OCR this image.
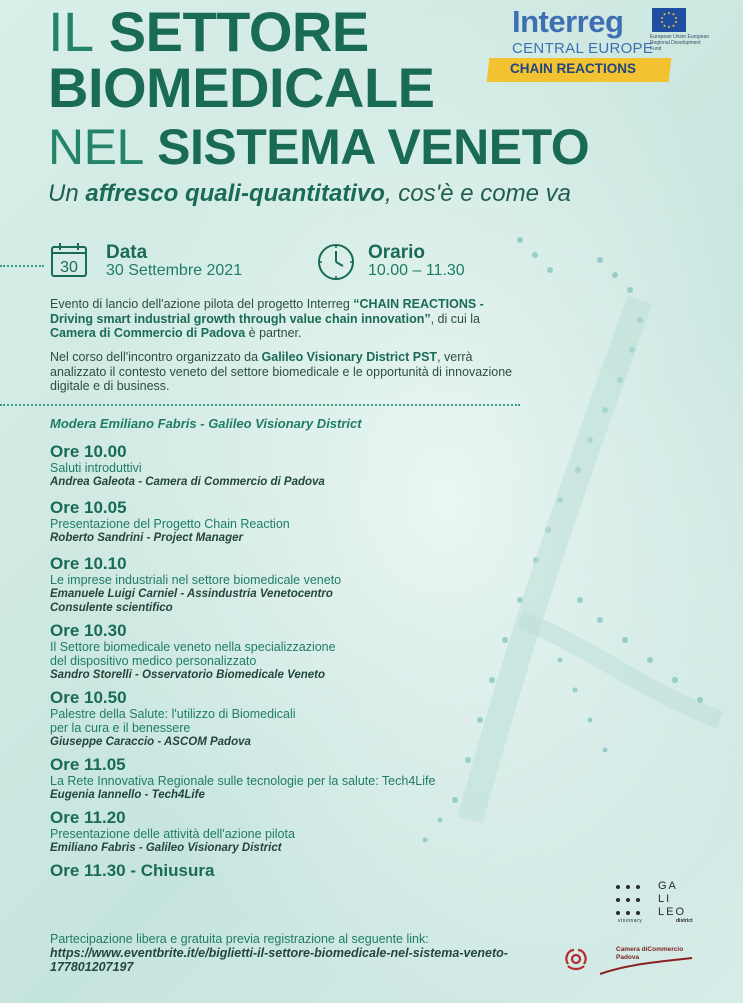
IL SETTORE
BIOMEDICALE
NEL SISTEMA VENETO
Interreg
CENTRAL EUROPE
European Union European Regional Development Fund
CHAIN REACTIONS
Un affresco quali-quantitativo, cos'è e come va
30
Data
30 Settembre 2021
Orario
10.00 – 11.30
Evento di lancio dell'azione pilota del progetto Interreg “CHAIN REACTIONS - Driving smart industrial growth through value chain innovation”, di cui la Camera di Commercio di Padova è partner.
Nel corso dell'incontro organizzato da Galileo Visionary District PST, verrà analizzato il contesto veneto del settore biomedicale e le opportunità di innovazione digitale e di business.
Modera Emiliano Fabris - Galileo Visionary District
Ore 10.00
Saluti introduttivi
Andrea Galeota - Camera di Commercio di Padova
Ore 10.05
Presentazione del Progetto Chain Reaction
Roberto Sandrini - Project Manager
Ore 10.10
Le imprese industriali nel settore biomedicale veneto
Emanuele Luigi Carniel - Assindustria Venetocentro
Consulente scientifico
Ore 10.30
Il Settore biomedicale veneto nella specializzazione
del dispositivo medico personalizzato
Sandro Storelli - Osservatorio Biomedicale Veneto
Ore 10.50
Palestre della Salute: l'utilizzo di Biomedicali
per la cura e il benessere
Giuseppe Caraccio - ASCOM Padova
Ore 11.05
La Rete Innovativa Regionale sulle tecnologie per la salute: Tech4Life
Eugenia Iannello - Tech4Life
Ore 11.20
Presentazione delle attività dell'azione pilota
Emiliano Fabris - Galileo Visionary District
Ore 11.30 - Chiusura
Partecipazione libera e gratuita previa registrazione al seguente link:
https://www.eventbrite.it/e/biglietti-il-settore-biomedicale-nel-sistema-veneto-177801207197
GA
LI
LEO
visionary	district
Camera diCommercio Padova
